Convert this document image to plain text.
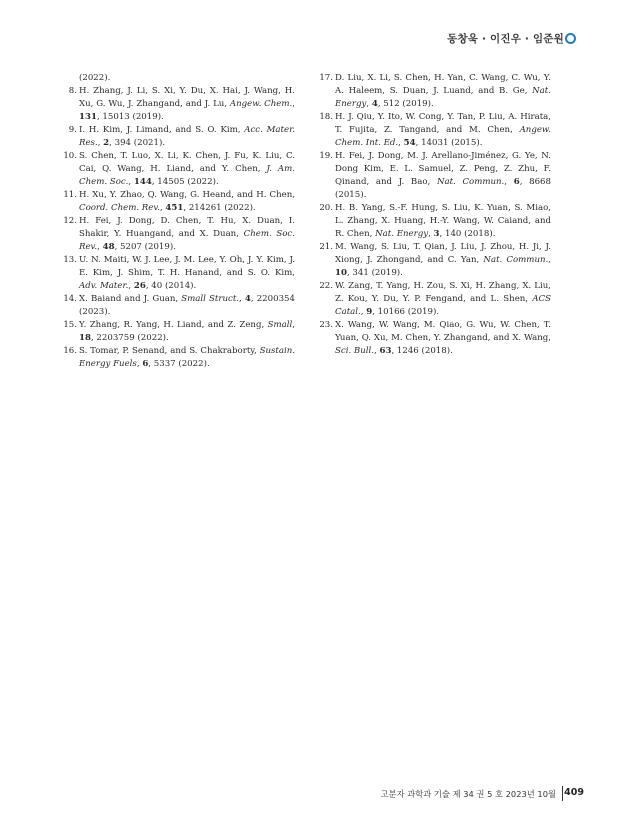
동창욱 · 이진우 · 임준원

(2022).

8. H. Zhang, J. Li, S. Xi, Y. Du, X. Hai, J. Wang, H. Xu, G. Wu, J. Zhangand, and J. Lu, Angew. Chem., 131, 15013 (2019).

9. I. H. Kim, J. Limand, and S. O. Kim, Acc. Mater. Res., 2, 394 (2021).

10. S. Chen, T. Luo, X. Li, K. Chen, J. Fu, K. Liu, C. Cai, Q. Wang, H. Liand, and Y. Chen, J. Am. Chem. Soc., 144, 14505 (2022).

11. H. Xu, Y. Zhao, Q. Wang, G. Heand, and H. Chen, Coord. Chem. Rev., 451, 214261 (2022).

12. H. Fei, J. Dong, D. Chen, T. Hu, X. Duan, I. Shakir, Y. Huangand, and X. Duan, Chem. Soc. Rev., 48, 5207 (2019).

13. U. N. Maiti, W. J. Lee, J. M. Lee, Y. Oh, J. Y. Kim, J. E. Kim, J. Shim, T. H. Hanand, and S. O. Kim, Adv. Mater., 26, 40 (2014).

14. X. Baiand and J. Guan, Small Struct., 4, 2200354 (2023).

15. Y. Zhang, R. Yang, H. Liand, and Z. Zeng, Small, 18, 2203759 (2022).

16. S. Tomar, P. Senand, and S. Chakraborty, Sustain. Energy Fuels, 6, 5337 (2022).

17. D. Liu, X. Li, S. Chen, H. Yan, C. Wang, C. Wu, Y. A. Haleem, S. Duan, J. Luand, and B. Ge, Nat. Energy, 4, 512 (2019).

18. H. J. Qiu, Y. Ito, W. Cong, Y. Tan, P. Liu, A. Hirata, T. Fujita, Z. Tangand, and M. Chen, Angew. Chem. Int. Ed., 54, 14031 (2015).

19. H. Fei, J. Dong, M. J. Arellano-Jiménez, G. Ye, N. Dong Kim, E. L. Samuel, Z. Peng, Z. Zhu, F. Qinand, and J. Bao, Nat. Commun., 6, 8668 (2015).

20. H. B. Yang, S.-F. Hung, S. Liu, K. Yuan, S. Miao, L. Zhang, X. Huang, H.-Y. Wang, W. Caiand, and R. Chen, Nat. Energy, 3, 140 (2018).

21. M. Wang, S. Liu, T. Qian, J. Liu, J. Zhou, H. Ji, J. Xiong, J. Zhongand, and C. Yan, Nat. Commun., 10, 341 (2019).

22. W. Zang, T. Yang, H. Zou, S. Xi, H. Zhang, X. Liu, Z. Kou, Y. Du, Y. P. Fengand, and L. Shen, ACS Catal., 9, 10166 (2019).

23. X. Wang, W. Wang, M. Qiao, G. Wu, W. Chen, T. Yuan, Q. Xu, M. Chen, Y. Zhangand, and X. Wang, Sci. Bull., 63, 1246 (2018).

고분자 과학과 기술 제 34 권 5 호 2023년 10월 409
